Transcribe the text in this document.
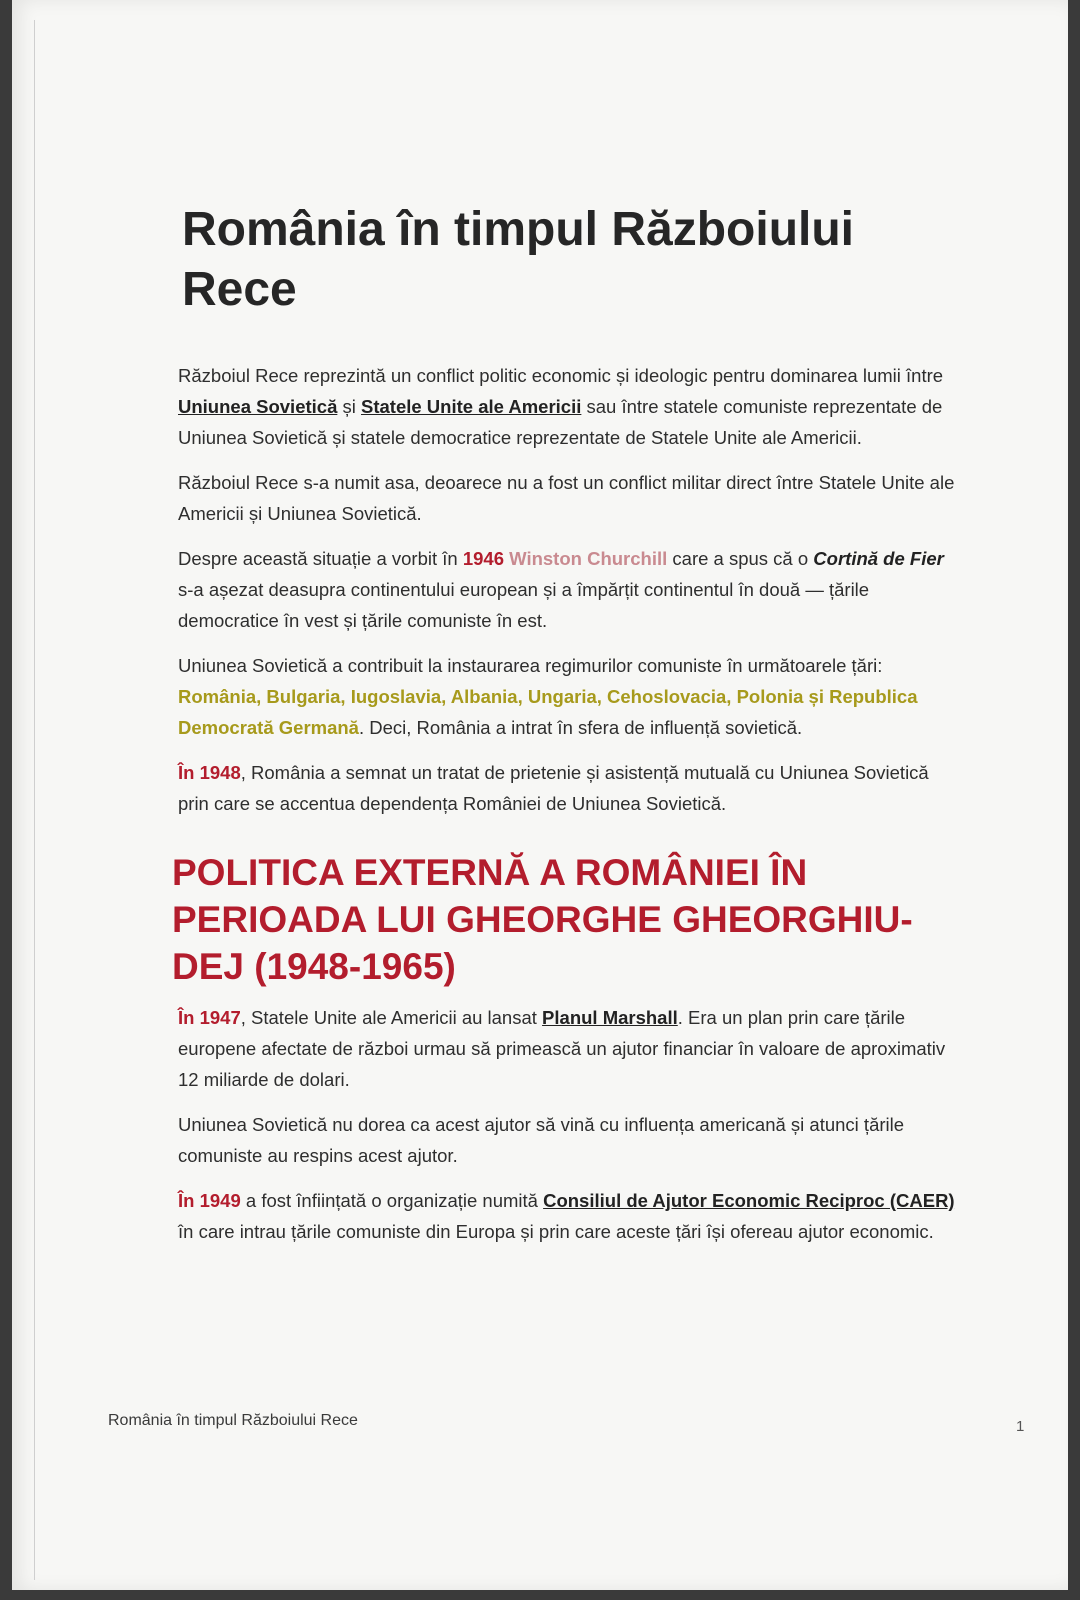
România în timpul Războiului Rece

Războiul Rece reprezintă un conflict politic economic și ideologic pentru dominarea lumii între Uniunea Sovietică și Statele Unite ale Americii sau între statele comuniste reprezentate de Uniunea Sovietică și statele democratice reprezentate de Statele Unite ale Americii.

Războiul Rece s-a numit asa, deoarece nu a fost un conflict militar direct între Statele Unite ale Americii și Uniunea Sovietică.

Despre această situație a vorbit în 1946 Winston Churchill care a spus că o Cortină de Fier s-a așezat deasupra continentului european și a împărțit continentul în două — țările democratice în vest și țările comuniste în est.

Uniunea Sovietică a contribuit la instaurarea regimurilor comuniste în următoarele țări: România, Bulgaria, Iugoslavia, Albania, Ungaria, Cehoslovacia, Polonia și Republica Democrată Germană. Deci, România a intrat în sfera de influență sovietică.

În 1948, România a semnat un tratat de prietenie și asistență mutuală cu Uniunea Sovietică prin care se accentua dependența României de Uniunea Sovietică.

POLITICA EXTERNĂ A ROMÂNIEI ÎN PERIOADA LUI GHEORGHE GHEORGHIU-DEJ (1948-1965)

În 1947, Statele Unite ale Americii au lansat Planul Marshall. Era un plan prin care țările europene afectate de război urmau să primească un ajutor financiar în valoare de aproximativ 12 miliarde de dolari.

Uniunea Sovietică nu dorea ca acest ajutor să vină cu influența americană și atunci țările comuniste au respins acest ajutor.

În 1949 a fost înființată o organizație numită Consiliul de Ajutor Economic Reciproc (CAER) în care intrau țările comuniste din Europa și prin care aceste țări își ofereau ajutor economic.

România în timpul Războiului Rece	1
